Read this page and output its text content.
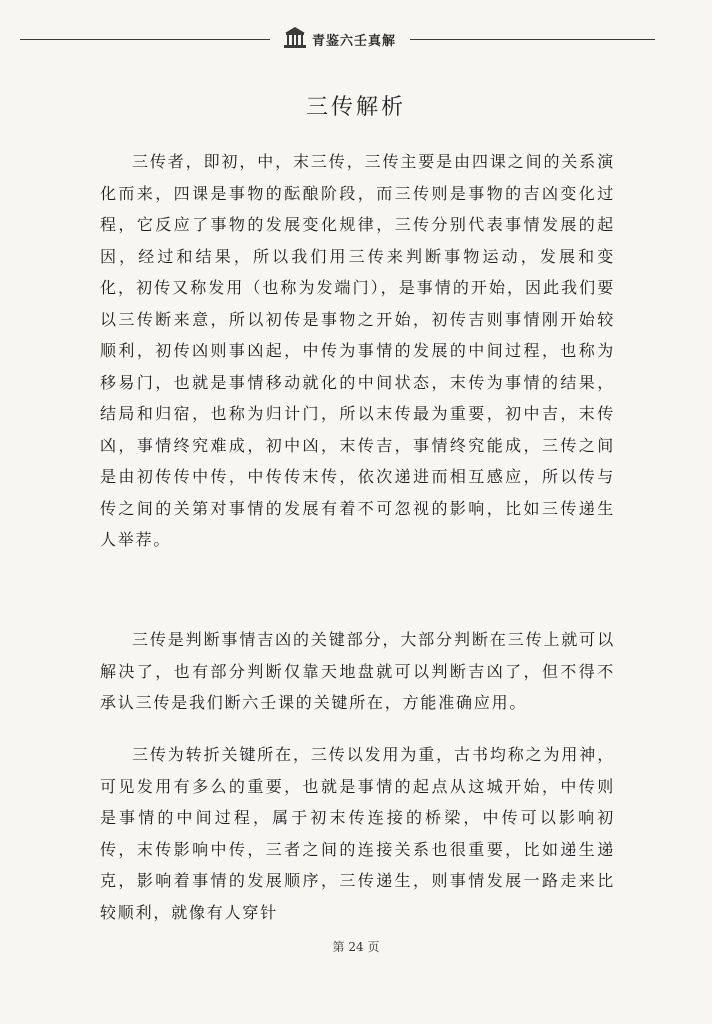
青鉴六壬真解
三传解析

三传者，即初，中，末三传，三传主要是由四课之间的关系演化而来，四课是事物的酝酿阶段，而三传则是事物的吉凶变化过程，它反应了事物的发展变化规律，三传分别代表事情发展的起因，经过和结果，所以我们用三传来判断事物运动，发展和变化，初传又称发用（也称为发端门），是事情的开始，因此我们要以三传断来意，所以初传是事物之开始，初传吉则事情刚开始较顺利，初传凶则事凶起，中传为事情的发展的中间过程，也称为移易门，也就是事情移动就化的中间状态，末传为事情的结果，结局和归宿，也称为归计门，所以末传最为重要，初中吉，末传凶，事情终究难成，初中凶，末传吉，事情终究能成，三传之间是由初传传中传，中传传末传，依次递进而相互感应，所以传与传之间的关第对事情的发展有着不可忽视的影响，比如三传递生人举荐。

三传是判断事情吉凶的关键部分，大部分判断在三传上就可以解决了，也有部分判断仅靠天地盘就可以判断吉凶了，但不得不承认三传是我们断六壬课的关键所在，方能准确应用。

三传为转折关键所在，三传以发用为重，古书均称之为用神，可见发用有多么的重要，也就是事情的起点从这城开始，中传则是事情的中间过程，属于初末传连接的桥梁，中传可以影响初传，末传影响中传，三者之间的连接关系也很重要，比如递生递克，影响着事情的发展顺序，三传递生，则事情发展一路走来比较顺利，就像有人穿针

第 24 页
